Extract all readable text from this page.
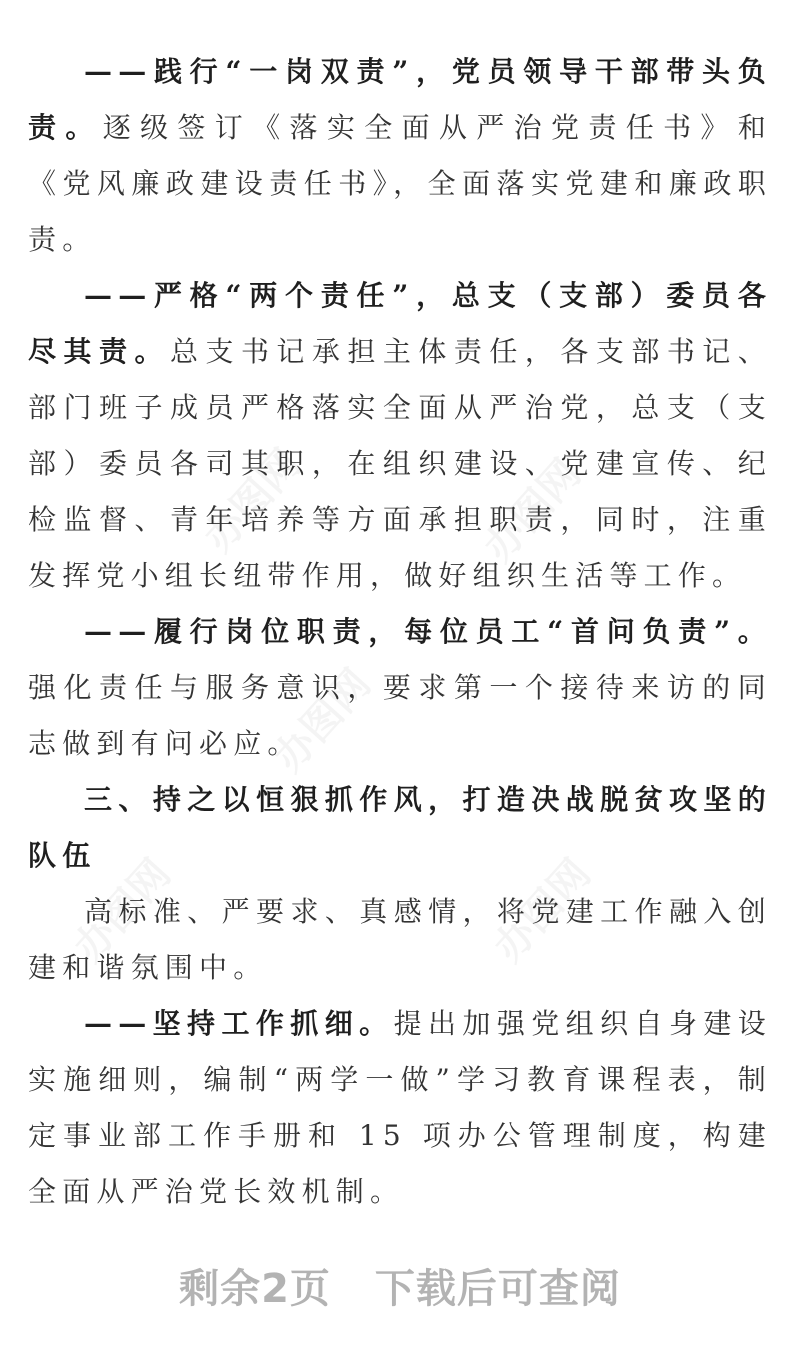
——践行“一岗双责”，党员领导干部带头负责。逐级签订《落实全面从严治党责任书》和《党风廉政建设责任书》，全面落实党建和廉政职责。

——严格“两个责任”，总支（支部）委员各尽其责。总支书记承担主体责任，各支部书记、部门班子成员严格落实全面从严治党，总支（支部）委员各司其职，在组织建设、党建宣传、纪检监督、青年培养等方面承担职责，同时，注重发挥党小组长纽带作用，做好组织生活等工作。

——履行岗位职责，每位员工“首问负责”。强化责任与服务意识，要求第一个接待来访的同志做到有问必应。

三、持之以恒狠抓作风，打造决战脱贫攻坚的队伍

高标准、严要求、真感情，将党建工作融入创建和谐氛围中。

——坚持工作抓细。提出加强党组织自身建设实施细则，编制“两学一做”学习教育课程表，制定事业部工作手册和 15 项办公管理制度，构建全面从严治党长效机制。

剩余2页 下载后可查阅
